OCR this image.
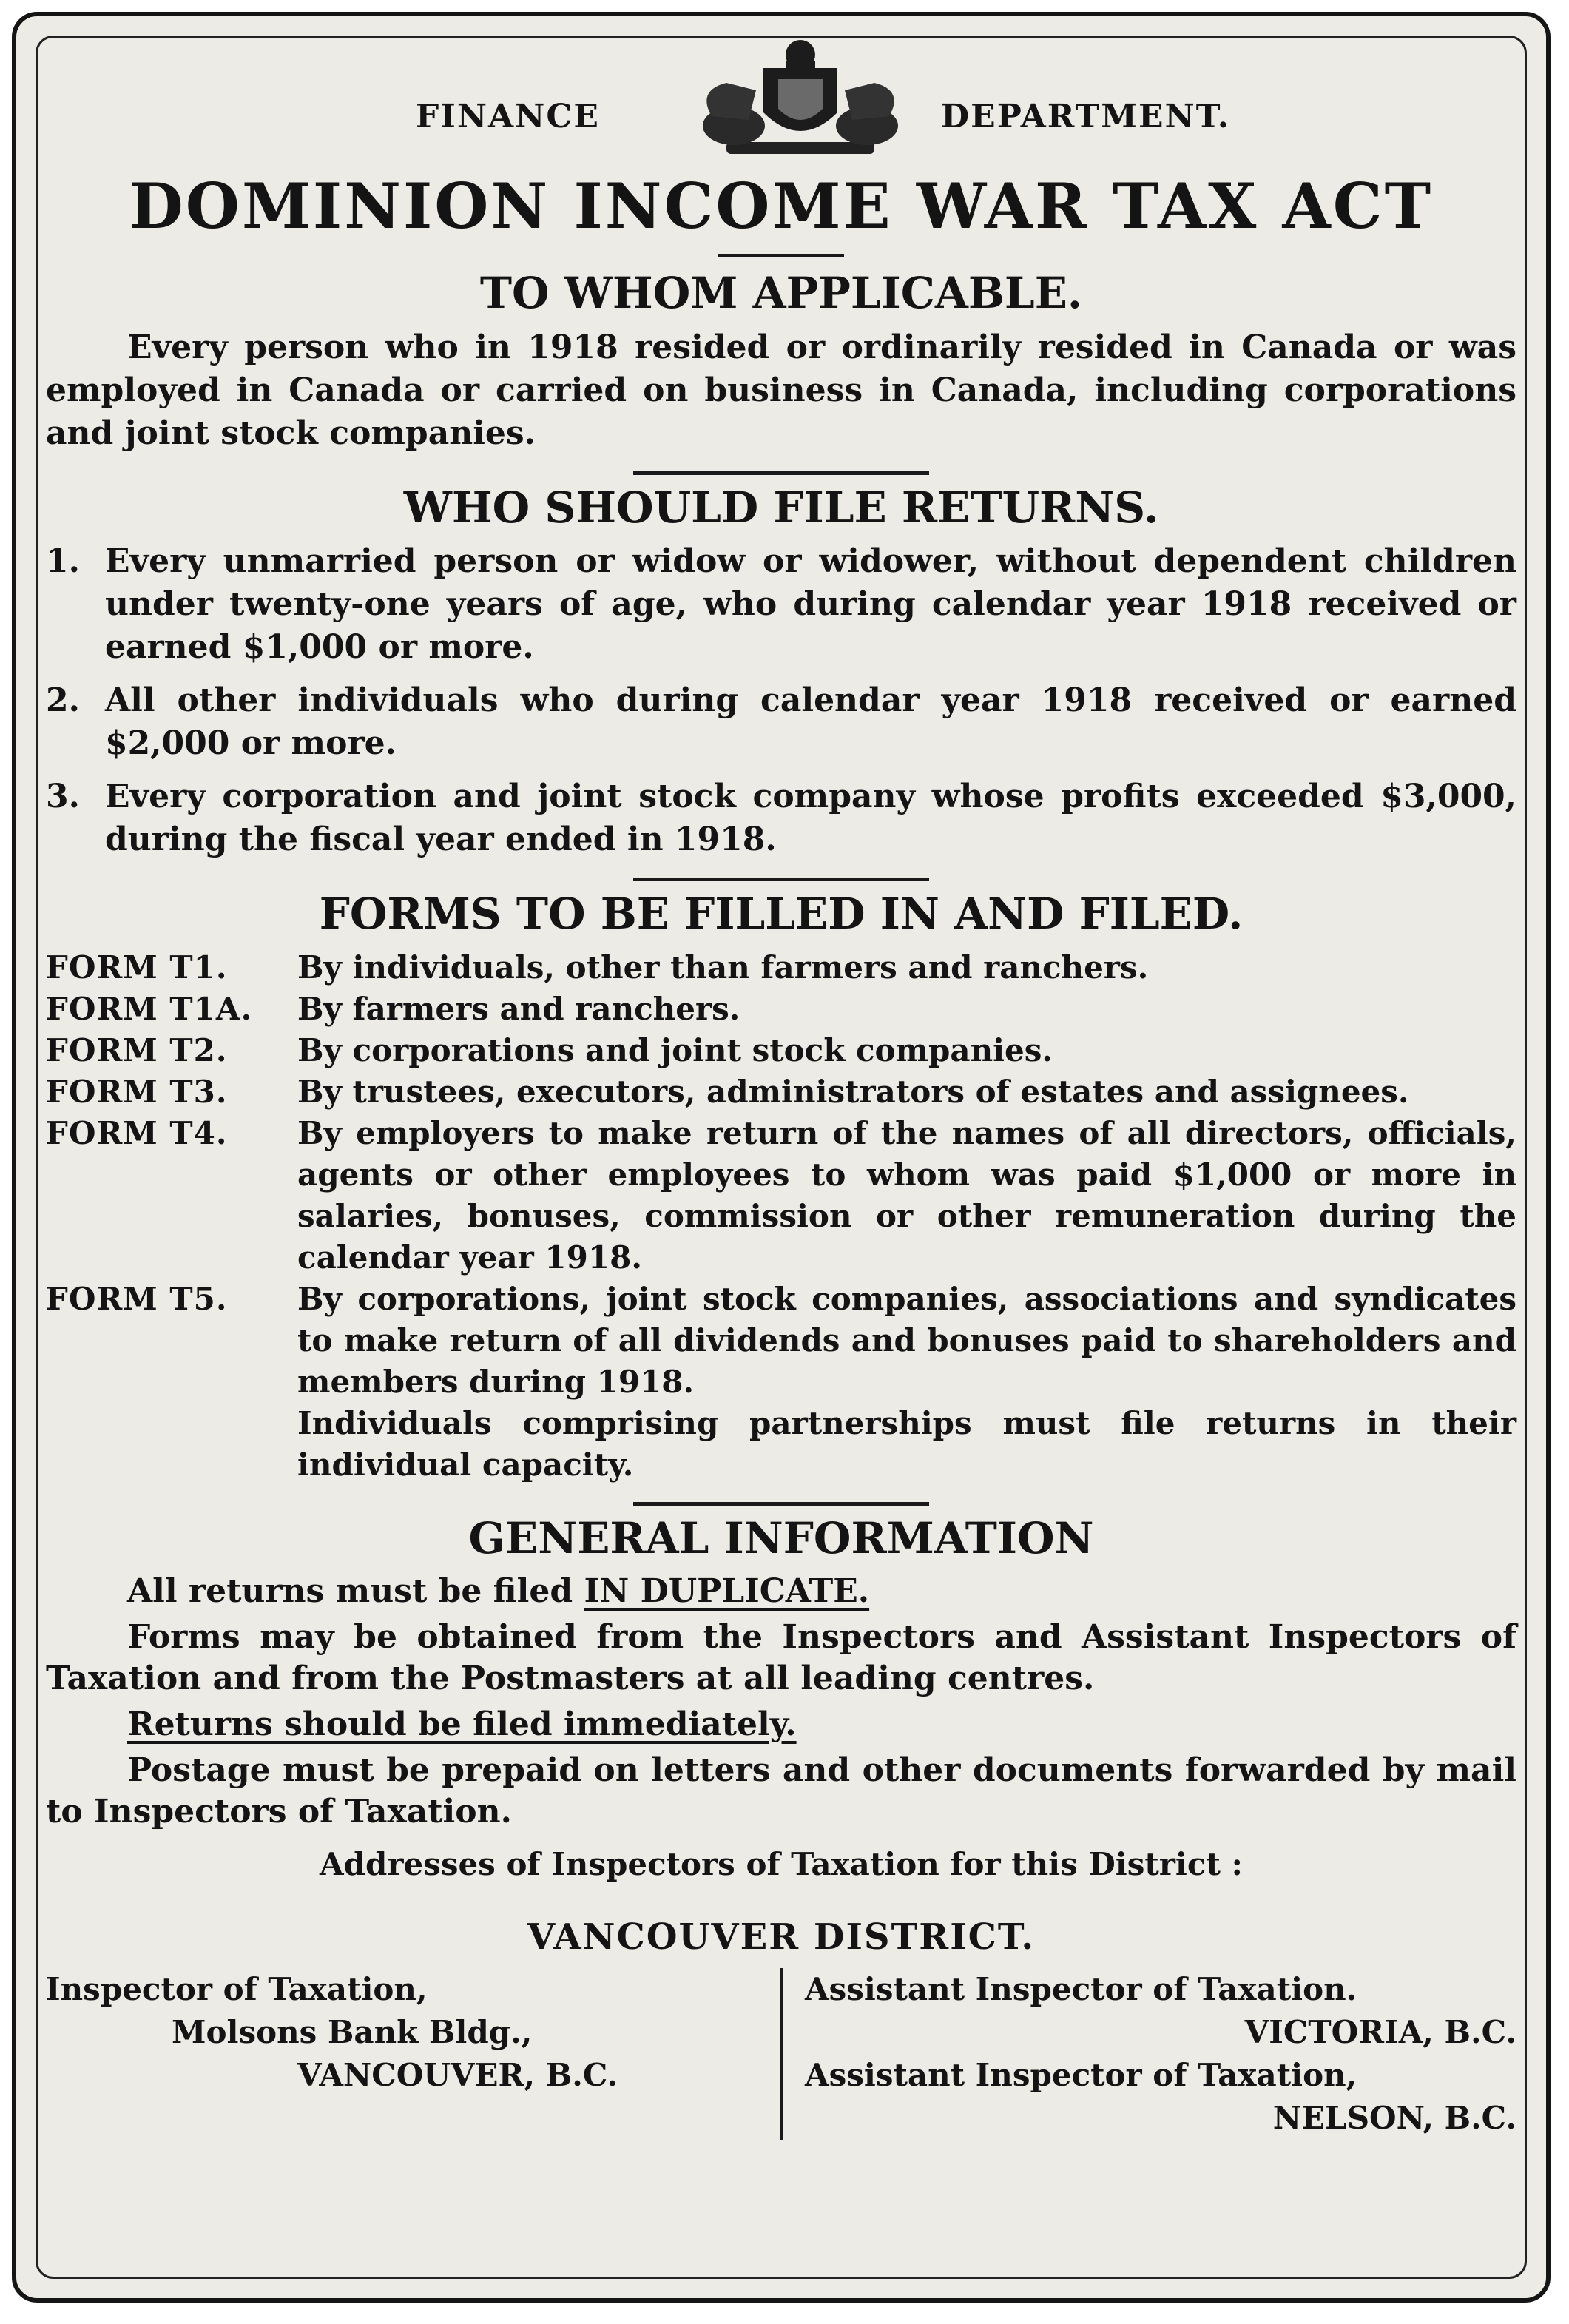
FINANCE	DEPARTMENT.
DOMINION INCOME WAR TAX ACT
TO WHOM APPLICABLE.

Every person who in 1918 resided or ordinarily resided in Canada or was employed in Canada or carried on business in Canada, including corporations and joint stock companies.

WHO SHOULD FILE RETURNS.
1. Every unmarried person or widow or widower, without dependent children under twenty-one years of age, who during calendar year 1918 received or earned $1,000 or more.
2. All other individuals who during calendar year 1918 received or earned $2,000 or more.
3. Every corporation and joint stock company whose profits exceeded $3,000, during the fiscal year ended in 1918.
FORMS TO BE FILLED IN AND FILED.
FORM T1.	By individuals, other than farmers and ranchers.
FORM T1A.	By farmers and ranchers.
FORM T2.	By corporations and joint stock companies.
FORM T3.	By trustees, executors, administrators of estates and assignees.
FORM T4.	By employers to make return of the names of all directors, officials, agents or other employees to whom was paid $1,000 or more in salaries, bonuses, commission or other remuneration during the calendar year 1918.
FORM T5.	By corporations, joint stock companies, associations and syndicates to make return of all dividends and bonuses paid to shareholders and members during 1918.
Individuals comprising partnerships must file returns in their individual capacity.
GENERAL INFORMATION

All returns must be filed IN DUPLICATE.

Forms may be obtained from the Inspectors and Assistant Inspectors of Taxation and from the Postmasters at all leading centres.

Returns should be filed immediately.

Postage must be prepaid on letters and other documents forwarded by mail to Inspectors of Taxation.

Addresses of Inspectors of Taxation for this District :
VANCOUVER DISTRICT.
Inspector of Taxation,
Molsons Bank Bldg.,
VANCOUVER, B.C.
Assistant Inspector of Taxation.
VICTORIA, B.C.
Assistant Inspector of Taxation,
NELSON, B.C.
